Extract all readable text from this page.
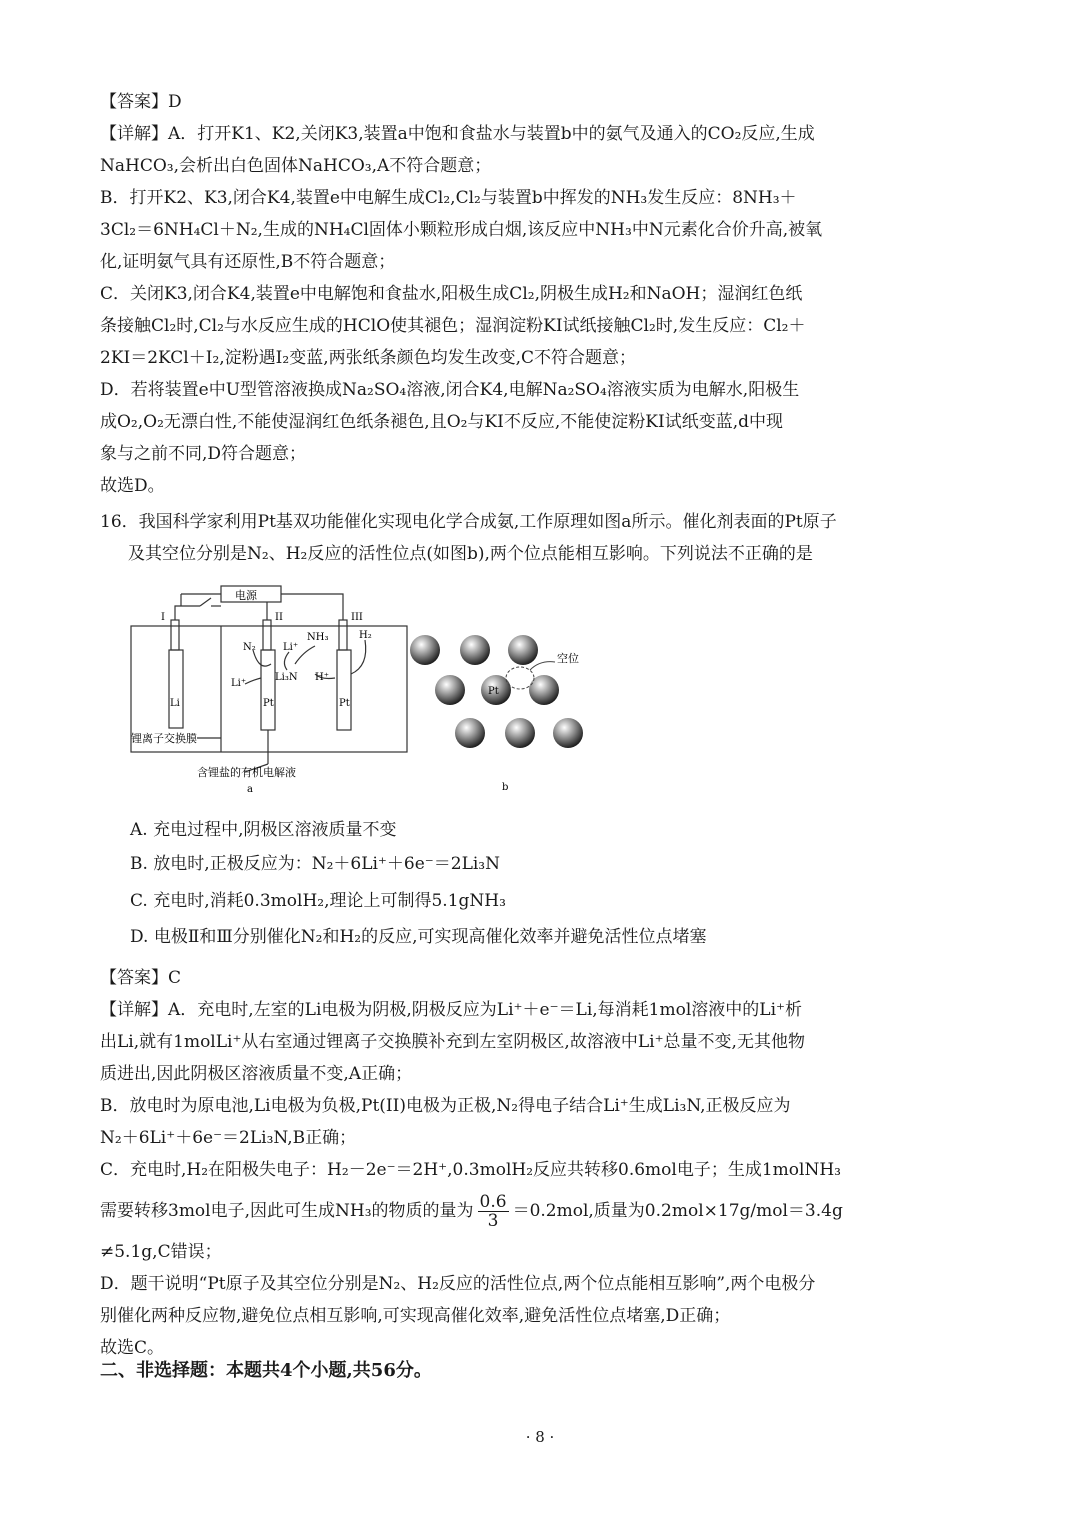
【答案】D
【详解】A．打开K1、K2,关闭K3,装置a中饱和食盐水与装置b中的氨气及通入的CO₂反应,生成
NaHCO₃,会析出白色固体NaHCO₃,A不符合题意；
B．打开K2、K3,闭合K4,装置e中电解生成Cl₂,Cl₂与装置b中挥发的NH₃发生反应：8NH₃＋
3Cl₂＝6NH₄Cl＋N₂,生成的NH₄Cl固体小颗粒形成白烟,该反应中NH₃中N元素化合价升高,被氧
化,证明氨气具有还原性,B不符合题意；
C．关闭K3,闭合K4,装置e中电解饱和食盐水,阳极生成Cl₂,阴极生成H₂和NaOH；湿润红色纸
条接触Cl₂时,Cl₂与水反应生成的HClO使其褪色；湿润淀粉KI试纸接触Cl₂时,发生反应：Cl₂＋
2KI＝2KCl＋I₂,淀粉遇I₂变蓝,两张纸条颜色均发生改变,C不符合题意；
D．若将装置e中U型管溶液换成Na₂SO₄溶液,闭合K4,电解Na₂SO₄溶液实质为电解水,阳极生
成O₂,O₂无漂白性,不能使湿润红色纸条褪色,且O₂与KI不反应,不能使淀粉KI试纸变蓝,d中现
象与之前不同,D符合题意；
故选D。
16．我国科学家利用Pt基双功能催化实现电化学合成氨,工作原理如图a所示。催化剂表面的Pt原子
及其空位分别是N₂、H₂反应的活性位点(如图b),两个位点能相互影响。下列说法不正确的是
电源
I	II	III
Li	Pt	Pt
N₂	Li⁺
NH₃	H₂
Li₃N H⁺
Li⁺
锂离子交换膜
含锂盐的有机电解液
a
空位
Pt
b
A. 充电过程中,阴极区溶液质量不变
B. 放电时,正极反应为：N₂＋6Li⁺＋6e⁻＝2Li₃N
C. 充电时,消耗0.3molH₂,理论上可制得5.1gNH₃
D. 电极Ⅱ和Ⅲ分别催化N₂和H₂的反应,可实现高催化效率并避免活性位点堵塞
【答案】C
【详解】A．充电时,左室的Li电极为阴极,阴极反应为Li⁺＋e⁻＝Li,每消耗1mol溶液中的Li⁺析
出Li,就有1molLi⁺从右室通过锂离子交换膜补充到左室阴极区,故溶液中Li⁺总量不变,无其他物
质进出,因此阴极区溶液质量不变,A正确；
B．放电时为原电池,Li电极为负极,Pt(II)电极为正极,N₂得电子结合Li⁺生成Li₃N,正极反应为
N₂＋6Li⁺＋6e⁻＝2Li₃N,B正确；
C．充电时,H₂在阳极失电子：H₂－2e⁻＝2H⁺,0.3molH₂反应共转移0.6mol电子；生成1molNH₃
需要转移3mol电子,因此可生成NH₃的物质的量为 $\frac{0.6}{3} =0.2mol$,质量为0.2mol×17g/mol＝3.4g
≠5.1g,C错误；
D．题干说明“Pt原子及其空位分别是N₂、H₂反应的活性位点,两个位点能相互影响”,两个电极分
别催化两种反应物,避免位点相互影响,可实现高催化效率,避免活性位点堵塞,D正确；
故选C。
二、非选择题：本题共4个小题,共56分。
· 8 ·
